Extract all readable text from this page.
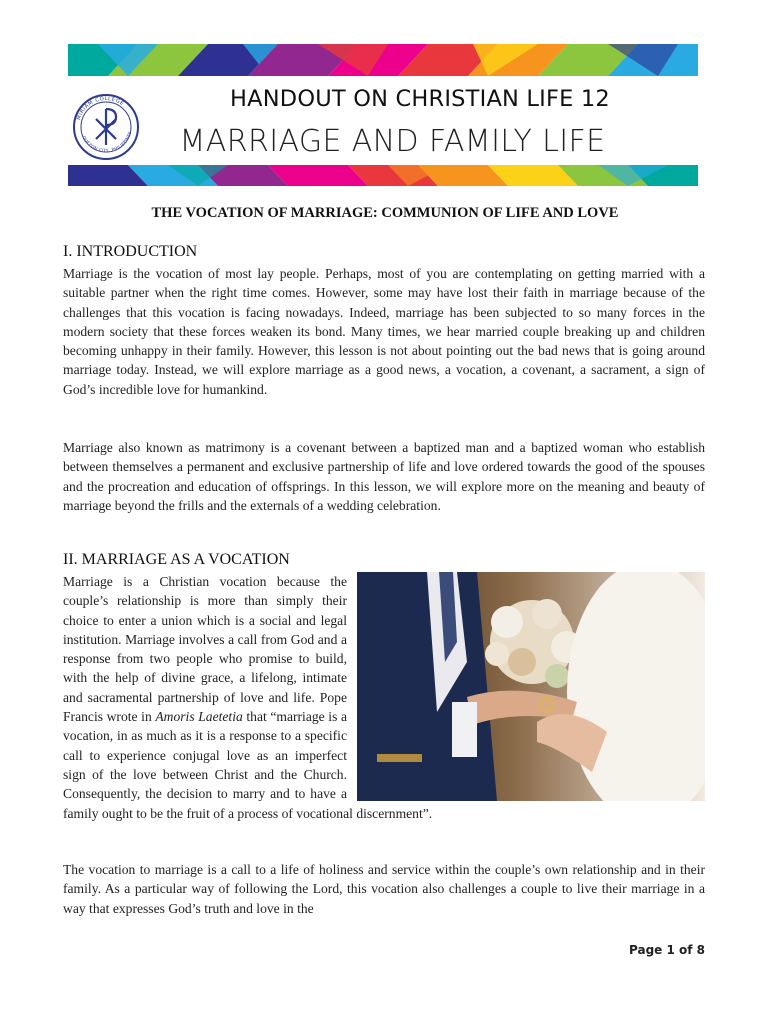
MIRIAM COLLEGE
QUEZON CITY, PHILIPPINES
HANDOUT ON CHRISTIAN LIFE 12
MARRIAGE AND FAMILY LIFE
THE VOCATION OF MARRIAGE: COMMUNION OF LIFE AND LOVE
I. INTRODUCTION

Marriage is the vocation of most lay people. Perhaps, most of you are contemplating on getting married with a suitable partner when the right time comes. However, some may have lost their faith in marriage because of the challenges that this vocation is facing nowadays. Indeed, marriage has been subjected to so many forces in the modern society that these forces weaken its bond. Many times, we hear married couple breaking up and children becoming unhappy in their family. However, this lesson is not about pointing out the bad news that is going around marriage today. Instead, we will explore marriage as a good news, a vocation, a covenant, a sacrament, a sign of God’s incredible love for humankind.

Marriage also known as matrimony is a covenant between a baptized man and a baptized woman who establish between themselves a permanent and exclusive partnership of life and love ordered towards the good of the spouses and the procreation and education of offsprings. In this lesson, we will explore more on the meaning and beauty of marriage beyond the frills and the externals of a wedding celebration.

II. MARRIAGE AS A VOCATION
Marriage is a Christian vocation because the couple’s relationship is more than simply their choice to enter a union which is a social and legal institution. Marriage involves a call from God and a response from two people who promise to build, with the help of divine grace, a lifelong, intimate and sacramental partnership of love and life. Pope Francis wrote in Amoris Laetetia that “marriage is a vocation, in as much as it is a response to a specific call to experience conjugal love as an imperfect sign of the love between Christ and the Church. Consequently, the decision to marry and to have a family ought to be the fruit of a process of vocational discernment”.

The vocation to marriage is a call to a life of holiness and service within the couple’s own relationship and in their family. As a particular way of following the Lord, this vocation also challenges a couple to live their marriage in a way that expresses God’s truth and love in the

Page 1 of 8
